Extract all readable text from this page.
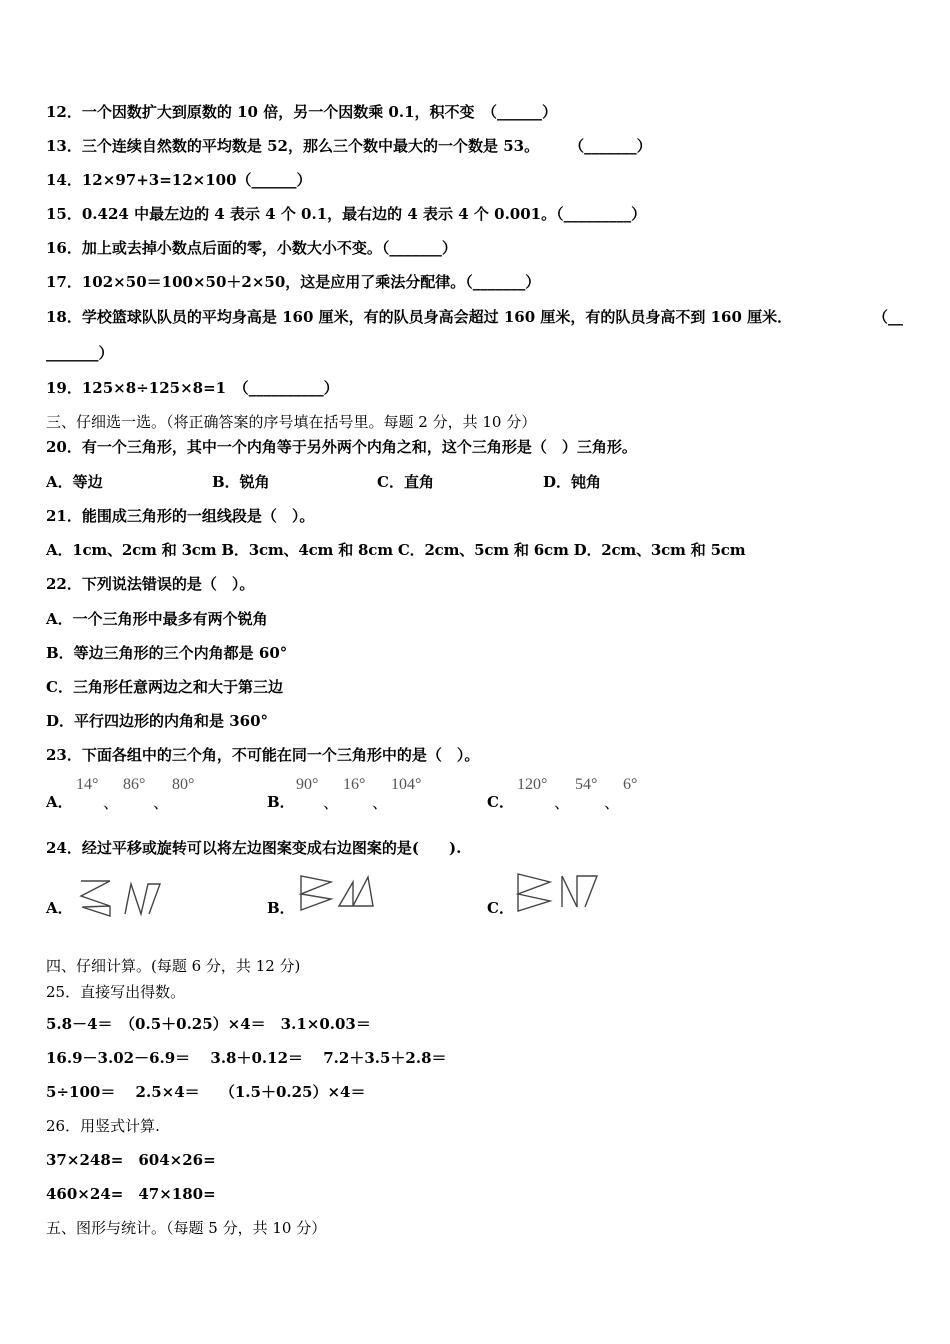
12．一个因数扩大到原数的 10 倍，另一个因数乘 0.1，积不变　（______）
13．三个连续自然数的平均数是 52，那么三个数中最大的一个数是 53。　　　（_______）
14．12×97+3=12×100（______）
15．0.424 中最左边的 4 表示 4 个 0.1，最右边的 4 表示 4 个 0.001。（_________）
16．加上或去掉小数点后面的零，小数大小不变。（_______）
17．102×50＝100×50＋2×50，这是应用了乘法分配律。（_______）
18．学校篮球队队员的平均身高是 160 厘米，有的队员身高会超过 160 厘米，有的队员身高不到 160 厘米．	（__
_______）
19．125×8÷125×8=1　（__________）
三、仔细选一选。（将正确答案的序号填在括号里。每题 2 分，共 10 分）
20．有一个三角形，其中一个内角等于另外两个内角之和，这个三角形是（　）三角形。
A．等边	B．锐角	C．直角	D．钝角
21．能围成三角形的一组线段是（　）。
A．1cm、2cm 和 3cm B．3cm、4cm 和 8cm C．2cm、5cm 和 6cm D．2cm、3cm 和 5cm
22．下列说法错误的是（　）。
A．一个三角形中最多有两个锐角
B．等边三角形的三个内角都是 60°
C．三角形任意两边之和大于第三边
D．平行四边形的内角和是 360°
23．下面各组中的三个角，不可能在同一个三角形中的是（　）。
A．	B．	C．
14°
、
86°
、
80°	90°
、
16°
、
104°	120°
、
54°
、
6°
24．经过平移或旋转可以将左边图案变成右边图案的是(　　).
A．	B．	C．
四、仔细计算。(每题 6 分，共 12 分)
25．直接写出得数。
5.8－4＝　（0.5＋0.25）×4＝　3.1×0.03＝
16.9－3.02－6.9＝　 3.8＋0.12＝　 7.2＋3.5＋2.8＝
5÷100＝　 2.5×4＝　 （1.5＋0.25）×4＝
26．用竖式计算.
37×248=　604×26=
460×24=　47×180=
五、图形与统计。（每题 5 分，共 10 分）
